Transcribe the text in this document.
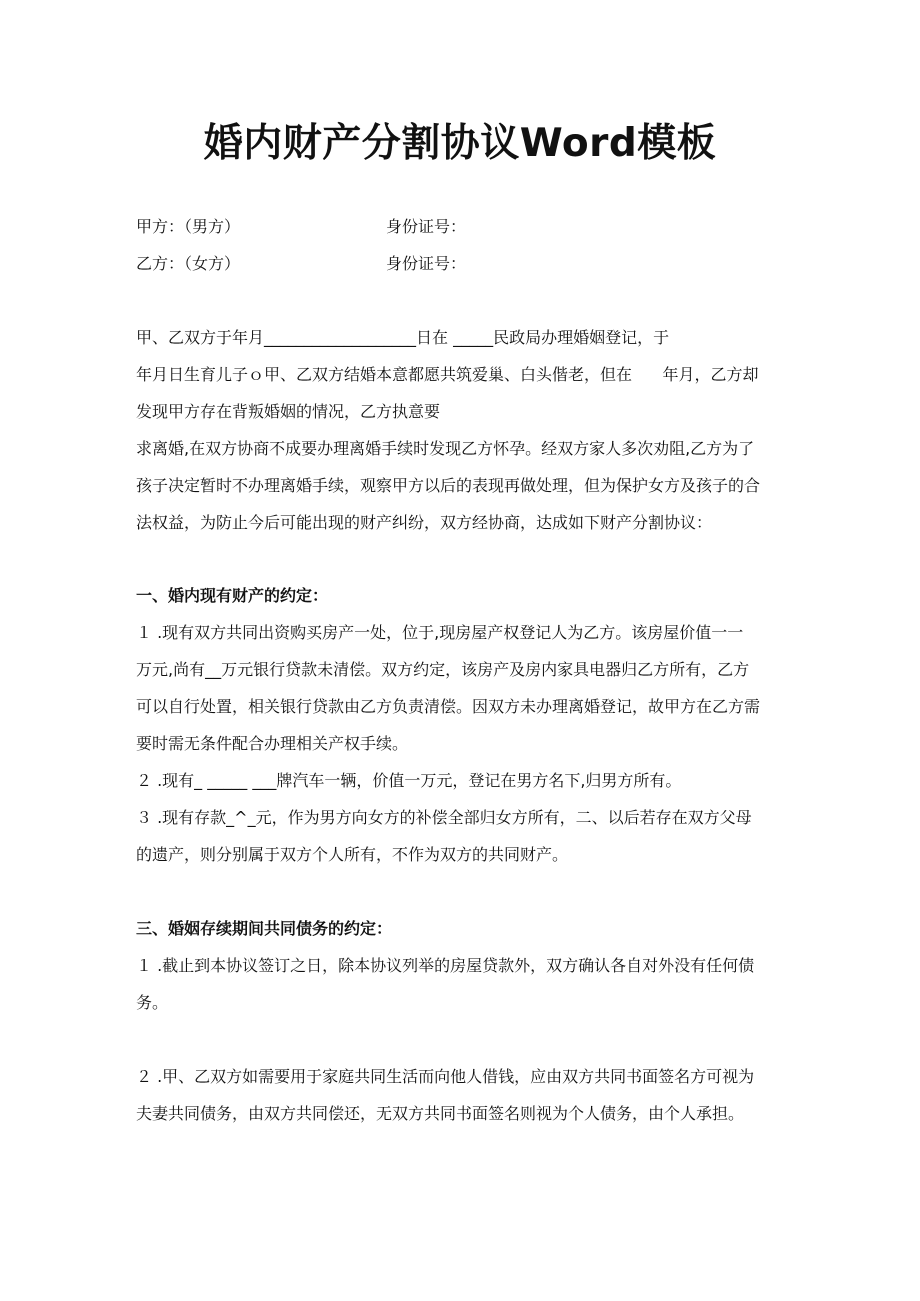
婚内财产分割协议Word模板
甲方：（男方）	身份证号：
乙方：（女方）	身份证号：
甲、乙双方于年月___________________日在 _____民政局办理婚姻登记，于
年月日生育儿子ｏ甲、乙双方结婚本意都愿共筑爱巢、白头偕老，但在      年月，乙方却
发现甲方存在背叛婚姻的情况，乙方执意要
求离婚,在双方协商不成要办理离婚手续时发现乙方怀孕。经双方家人多次劝阻,乙方为了
孩子决定暂时不办理离婚手续，观察甲方以后的表现再做处理，但为保护女方及孩子的合
法权益，为防止今后可能出现的财产纠纷，双方经协商，达成如下财产分割协议：
一、婚内现有财产的约定：
１ .现有双方共同出资购买房产一处，位于,现房屋产权登记人为乙方。该房屋价值一一
万元,尚有__万元银行贷款未清偿。双方约定，该房产及房内家具电器归乙方所有，乙方
可以自行处置，相关银行贷款由乙方负责清偿。因双方未办理离婚登记，故甲方在乙方需
要时需无条件配合办理相关产权手续。
２ .现有_ _____ ___牌汽车一辆，价值一万元，登记在男方名下,归男方所有。
３ .现有存款_^_元，作为男方向女方的补偿全部归女方所有，二、以后若存在双方父母
的遗产，则分别属于双方个人所有，不作为双方的共同财产。
三、婚姻存续期间共同债务的约定：
１ .截止到本协议签订之日，除本协议列举的房屋贷款外，双方确认各自对外没有任何债
务。
２ .甲、乙双方如需要用于家庭共同生活而向他人借钱，应由双方共同书面签名方可视为
夫妻共同债务，由双方共同偿还，无双方共同书面签名则视为个人债务，由个人承担。
